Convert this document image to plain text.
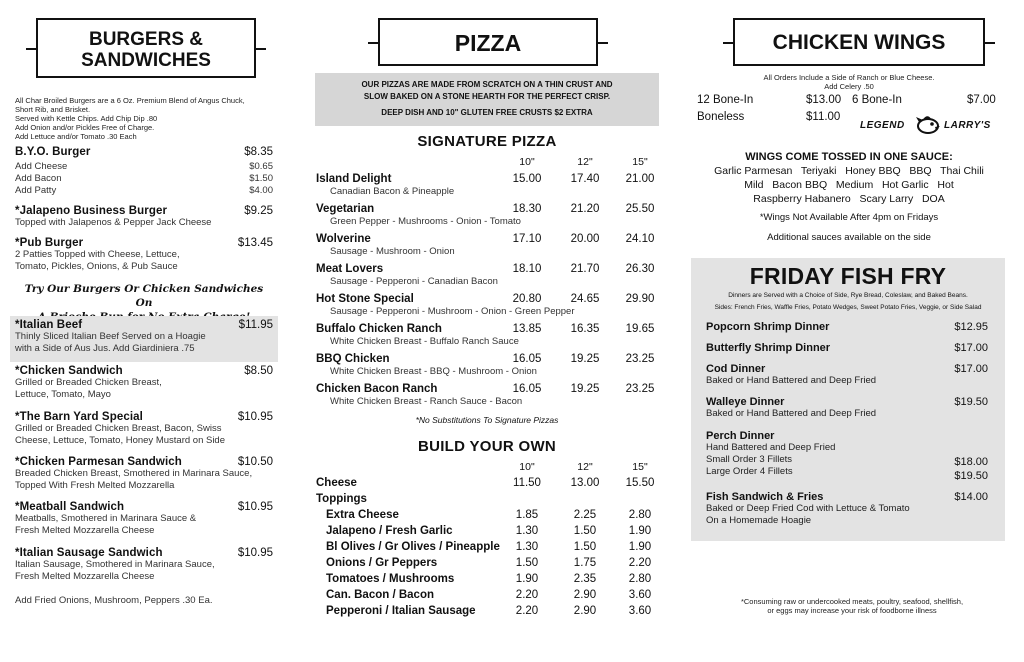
BURGERS &
SANDWICHES
All Char Broiled Burgers are a 6 Oz. Premium Blend of Angus Chuck,
Short Rib, and Brisket.
Served with Kettle Chips. Add Chip Dip .80
Add Onion and/or Pickles Free of Charge.
Add Lettuce and/or Tomato .30 Each
B.Y.O. Burger	$8.35
Add Cheese	$0.65
Add Bacon	$1.50
Add Patty	$4.00
*Jalapeno Business Burger	$9.25
Topped with Jalapenos & Pepper Jack Cheese
*Pub Burger	$13.45
2 Patties Topped with Cheese, Lettuce,
Tomato, Pickles, Onions, & Pub Sauce
Try Our Burgers Or Chicken Sandwiches On
*Italian Beef	$11.95
Thinly Sliced Italian Beef Served on a Hoagie
with a Side of Aus Jus. Add Giardiniera .75
*Chicken Sandwich	$8.50
Grilled or Breaded Chicken Breast,
Lettuce, Tomato, Mayo
*The Barn Yard Special	$10.95
Grilled or Breaded Chicken Breast, Bacon, Swiss
Cheese, Lettuce, Tomato, Honey Mustard on Side
*Chicken Parmesan Sandwich	$10.50
Breaded Chicken Breast, Smothered in Marinara Sauce,
Topped With Fresh Melted Mozzarella
*Meatball Sandwich	$10.95
Meatballs, Smothered in Marinara Sauce &
Fresh Melted Mozzarella Cheese
*Italian Sausage Sandwich	$10.95
Italian Sausage, Smothered in Marinara Sauce,
Fresh Melted Mozzarella Cheese
Add Fried Onions, Mushroom, Peppers .30 Ea.
PIZZA
OUR PIZZAS ARE MADE FROM SCRATCH ON A THIN CRUST AND
SLOW BAKED ON A STONE HEARTH FOR THE PERFECT CRISP.
DEEP DISH AND 10" GLUTEN FREE CRUSTS $2 EXTRA
SIGNATURE PIZZA
10"	12"	15"
Island Delight
Canadian Bacon & Pineapple
15.00	17.40	21.00
Vegetarian
Green Pepper - Mushrooms - Onion - Tomato
18.30	21.20	25.50
Wolverine
Sausage - Mushroom - Onion
17.10	20.00	24.10
Meat Lovers
Sausage - Pepperoni - Canadian Bacon
18.10	21.70	26.30
Hot Stone Special
Sausage - Pepperoni - Mushroom - Onion - Green Pepper
20.80	24.65	29.90
Buffalo Chicken Ranch
White Chicken Breast - Buffalo Ranch Sauce
13.85	16.35	19.65
BBQ Chicken
White Chicken Breast - BBQ - Mushroom - Onion
16.05	19.25	23.25
Chicken Bacon Ranch
White Chicken Breast - Ranch Sauce - Bacon
16.05	19.25	23.25
*No Substitutions To Signature Pizzas
BUILD YOUR OWN
10"	12"	15"
Cheese	11.50	13.00	15.50
Toppings
Extra Cheese	1.85	2.25	2.80
Jalapeno / Fresh Garlic	1.30	1.50	1.90
Bl Olives / Gr Olives / Pineapple	1.30	1.50	1.90
Onions / Gr Peppers	1.50	1.75	2.20
Tomatoes / Mushrooms	1.90	2.35	2.80
Can. Bacon / Bacon	2.20	2.90	3.60
Pepperoni / Italian Sausage	2.20	2.90	3.60
CHICKEN WINGS
All Orders Include a Side of Ranch or Blue Cheese.
Add Celery .50
12 Bone-In	$13.00 6 Bone-In	$7.00
Boneless	$11.00
LEGEND	LARRY'S
WINGS COME TOSSED IN ONE SAUCE:
Garlic Parmesan   Teriyaki   Honey BBQ   BBQ   Thai Chili
Mild   Bacon BBQ   Medium   Hot Garlic   Hot
Raspberry Habanero   Scary Larry   DOA
*Wings Not Available After 4pm on Fridays
Additional sauces available on the side
FRIDAY FISH FRY
Dinners are Served with a Choice of Side, Rye Bread, Coleslaw, and Baked Beans.
Sides: French Fries, Waffle Fries, Potato Wedges, Sweet Potato Fries, Veggie, or Side Salad
Popcorn Shrimp Dinner	$12.95
Butterfly Shrimp Dinner	$17.00
Cod Dinner	$17.00
Baked or Hand Battered and Deep Fried
Walleye Dinner	$19.50
Baked or Hand Battered and Deep Fried
Perch Dinner
Hand Battered and Deep Fried
Small Order 3 Fillets
Large Order 4 Fillets
$18.00
$19.50
Fish Sandwich & Fries	$14.00
Baked or Deep Fried Cod with Lettuce & Tomato
On a Homemade Hoagie
*Consuming raw or undercooked meats, poultry, seafood, shellfish,
or eggs may increase your risk of foodborne illness
